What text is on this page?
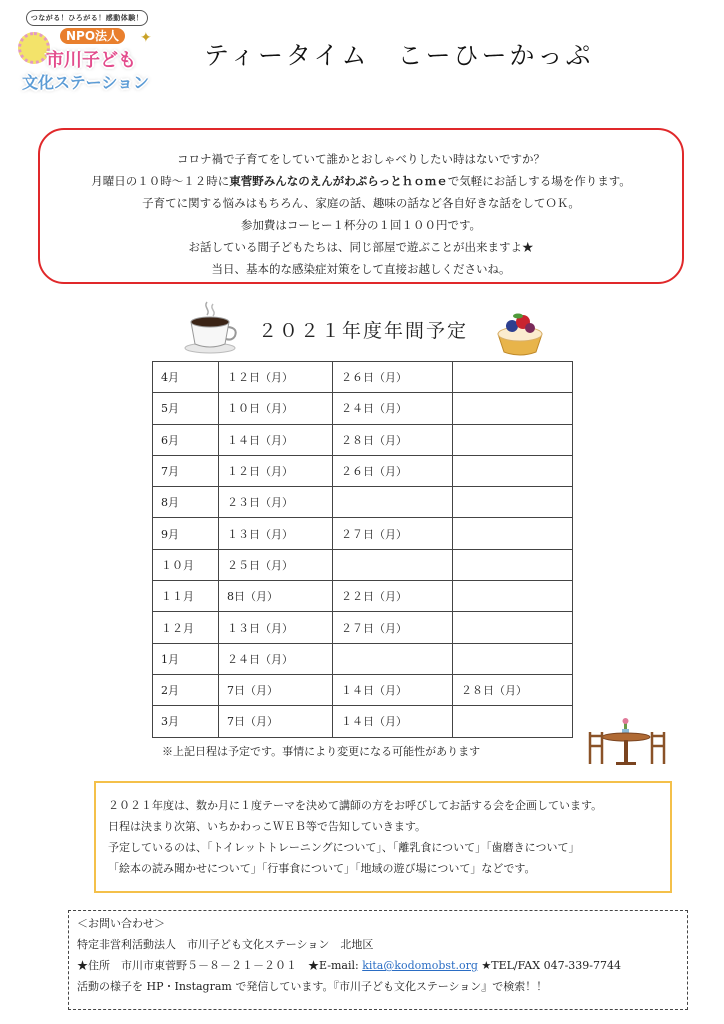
つながる！ひろがる！感動体験！
NPO法人	✦
市川子ども
文化ステーション
ティータイム　こーひーかっぷ

コロナ禍で子育てをしていて誰かとおしゃべりしたい時はないですか？

月曜日の１０時～１２時に東菅野みんなのえんがわぷらっとｈｏｍｅで気軽にお話しする場を作ります。

子育てに関する悩みはもちろん、家庭の話、趣味の話など各自好きな話をしてＯＫ。

参加費はコーヒー１杯分の１回１００円です。

お話している間子どもたちは、同じ部屋で遊ぶことが出来ますよ★

当日、基本的な感染症対策をして直接お越しくださいね。

２０２１年度年間予定
4月	１２日（月）	２６日（月）	
5月	１０日（月）	２４日（月）	
6月	１４日（月）	２８日（月）	
7月	１２日（月）	２６日（月）	
8月	２３日（月）		
9月	１３日（月）	２７日（月）	
１０月	２５日（月）		
１１月	8日（月）	２２日（月）	
１２月	１３日（月）	２７日（月）	
1月	２４日（月）		
2月	7日（月）	１４日（月）	２８日（月）
3月	7日（月）	１４日（月）	
※上記日程は予定です。事情により変更になる可能性があります

２０２１年度は、数か月に１度テーマを決めて講師の方をお呼びしてお話する会を企画しています。

日程は決まり次第、いちかわっこＷＥＢ等で告知していきます。

予定しているのは、「トイレットトレーニングについて」、「離乳食について」「歯磨きについて」

「絵本の読み聞かせについて」「行事食について」「地域の遊び場について」などです。

＜お問い合わせ＞

特定非営利活動法人　市川子ども文化ステーション　北地区

★住所　市川市東菅野５－８－２１－２０１　★E-mail: kita@kodomobst.org ★TEL/FAX 047-339-7744

活動の様子を HP・Instagram で発信しています。『市川子ども文化ステーション』で検索！！
